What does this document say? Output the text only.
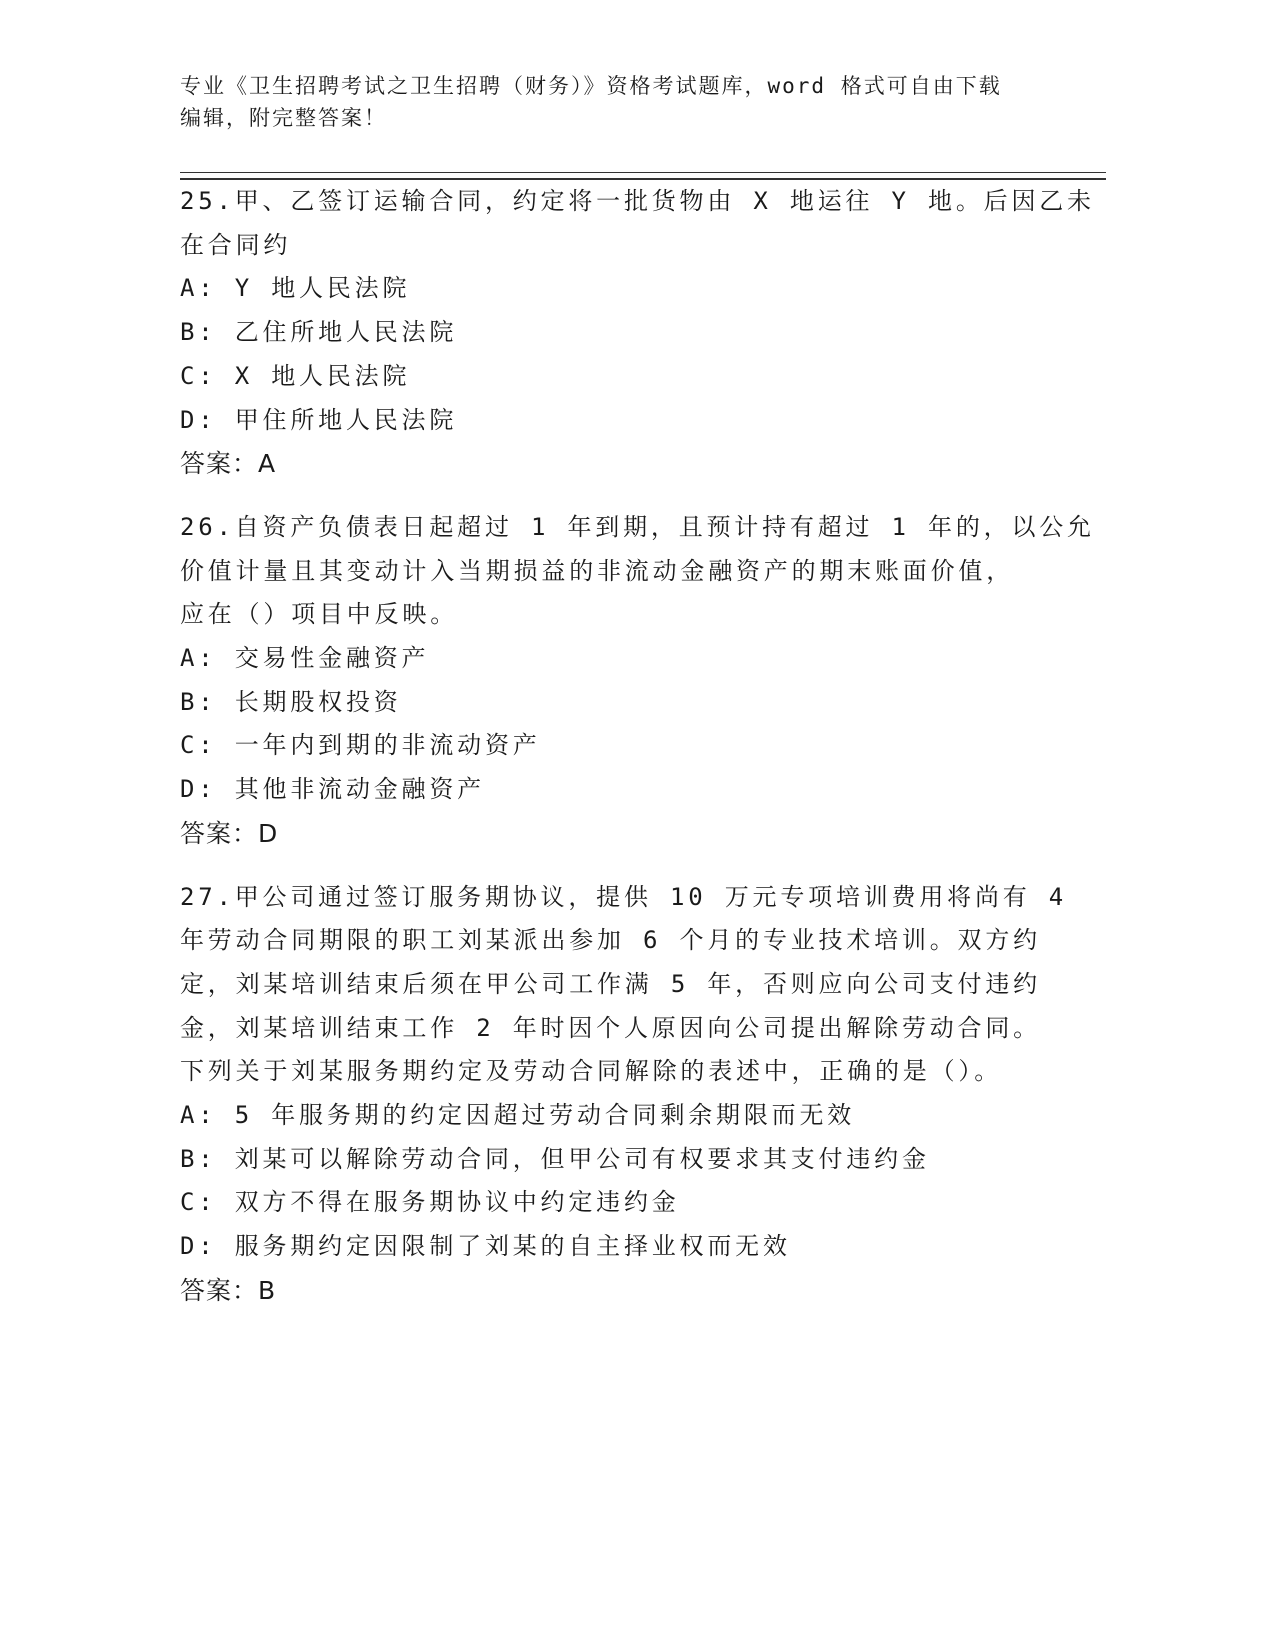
专业《卫生招聘考试之卫生招聘（财务）》资格考试题库，word 格式可自由下载
编辑，附完整答案！
25.甲、乙签订运输合同，约定将一批货物由 X 地运往 Y 地。后因乙未
在合同约
A: Y 地人民法院
B: 乙住所地人民法院
C: X 地人民法院
D: 甲住所地人民法院
答案：A
26.自资产负债表日起超过 1 年到期，且预计持有超过 1 年的，以公允
价值计量且其变动计入当期损益的非流动金融资产的期末账面价值，
应在（）项目中反映。
A: 交易性金融资产
B: 长期股权投资
C: 一年内到期的非流动资产
D: 其他非流动金融资产
答案：D
27.甲公司通过签订服务期协议，提供 10 万元专项培训费用将尚有 4
年劳动合同期限的职工刘某派出参加 6 个月的专业技术培训。双方约
定，刘某培训结束后须在甲公司工作满 5 年，否则应向公司支付违约
金，刘某培训结束工作 2 年时因个人原因向公司提出解除劳动合同。
下列关于刘某服务期约定及劳动合同解除的表述中，正确的是（）。
A: 5 年服务期的约定因超过劳动合同剩余期限而无效
B: 刘某可以解除劳动合同，但甲公司有权要求其支付违约金
C: 双方不得在服务期协议中约定违约金
D: 服务期约定因限制了刘某的自主择业权而无效
答案：B
